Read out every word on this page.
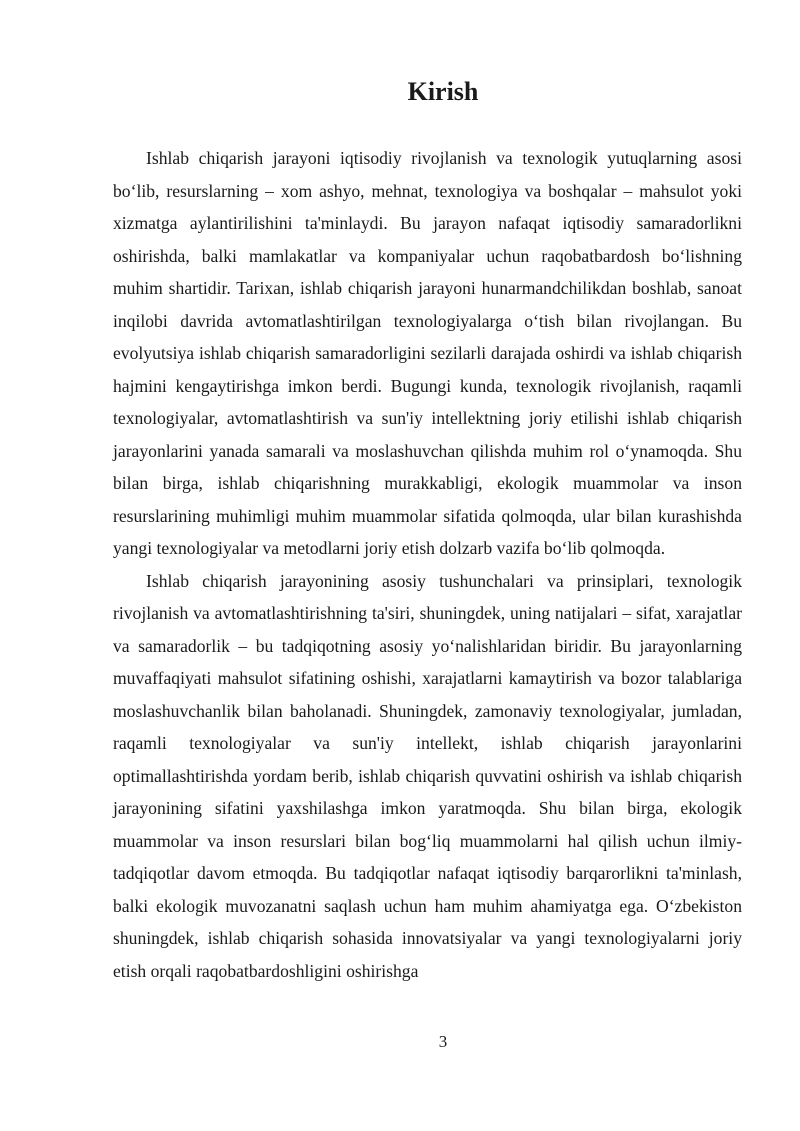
Kirish

Ishlab chiqarish jarayoni iqtisodiy rivojlanish va texnologik yutuqlarning asosi bo‘lib, resurslarning – xom ashyo, mehnat, texnologiya va boshqalar – mahsulot yoki xizmatga aylantirilishini ta'minlaydi. Bu jarayon nafaqat iqtisodiy samaradorlikni oshirishda, balki mamlakatlar va kompaniyalar uchun raqobatbardosh bo‘lishning muhim shartidir. Tarixan, ishlab chiqarish jarayoni hunarmandchilikdan boshlab, sanoat inqilobi davrida avtomatlashtirilgan texnologiyalarga o‘tish bilan rivojlangan. Bu evolyutsiya ishlab chiqarish samaradorligini sezilarli darajada oshirdi va ishlab chiqarish hajmini kengaytirishga imkon berdi. Bugungi kunda, texnologik rivojlanish, raqamli texnologiyalar, avtomatlashtirish va sun'iy intellektning joriy etilishi ishlab chiqarish jarayonlarini yanada samarali va moslashuvchan qilishda muhim rol o‘ynamoqda. Shu bilan birga, ishlab chiqarishning murakkabligi, ekologik muammolar va inson resurslarining muhimligi muhim muammolar sifatida qolmoqda, ular bilan kurashishda yangi texnologiyalar va metodlarni joriy etish dolzarb vazifa bo‘lib qolmoqda.

Ishlab chiqarish jarayonining asosiy tushunchalari va prinsiplari, texnologik rivojlanish va avtomatlashtirishning ta'siri, shuningdek, uning natijalari – sifat, xarajatlar va samaradorlik – bu tadqiqotning asosiy yo‘nalishlaridan biridir. Bu jarayonlarning muvaffaqiyati mahsulot sifatining oshishi, xarajatlarni kamaytirish va bozor talablariga moslashuvchanlik bilan baholanadi. Shuningdek, zamonaviy texnologiyalar, jumladan, raqamli texnologiyalar va sun'iy intellekt, ishlab chiqarish jarayonlarini optimallashtirishda yordam berib, ishlab chiqarish quvvatini oshirish va ishlab chiqarish jarayonining sifatini yaxshilashga imkon yaratmoqda. Shu bilan birga, ekologik muammolar va inson resurslari bilan bog‘liq muammolarni hal qilish uchun ilmiy-tadqiqotlar davom etmoqda. Bu tadqiqotlar nafaqat iqtisodiy barqarorlikni ta'minlash, balki ekologik muvozanatni saqlash uchun ham muhim ahamiyatga ega. O‘zbekiston shuningdek, ishlab chiqarish sohasida innovatsiyalar va yangi texnologiyalarni joriy etish orqali raqobatbardoshligini oshirishga

3
